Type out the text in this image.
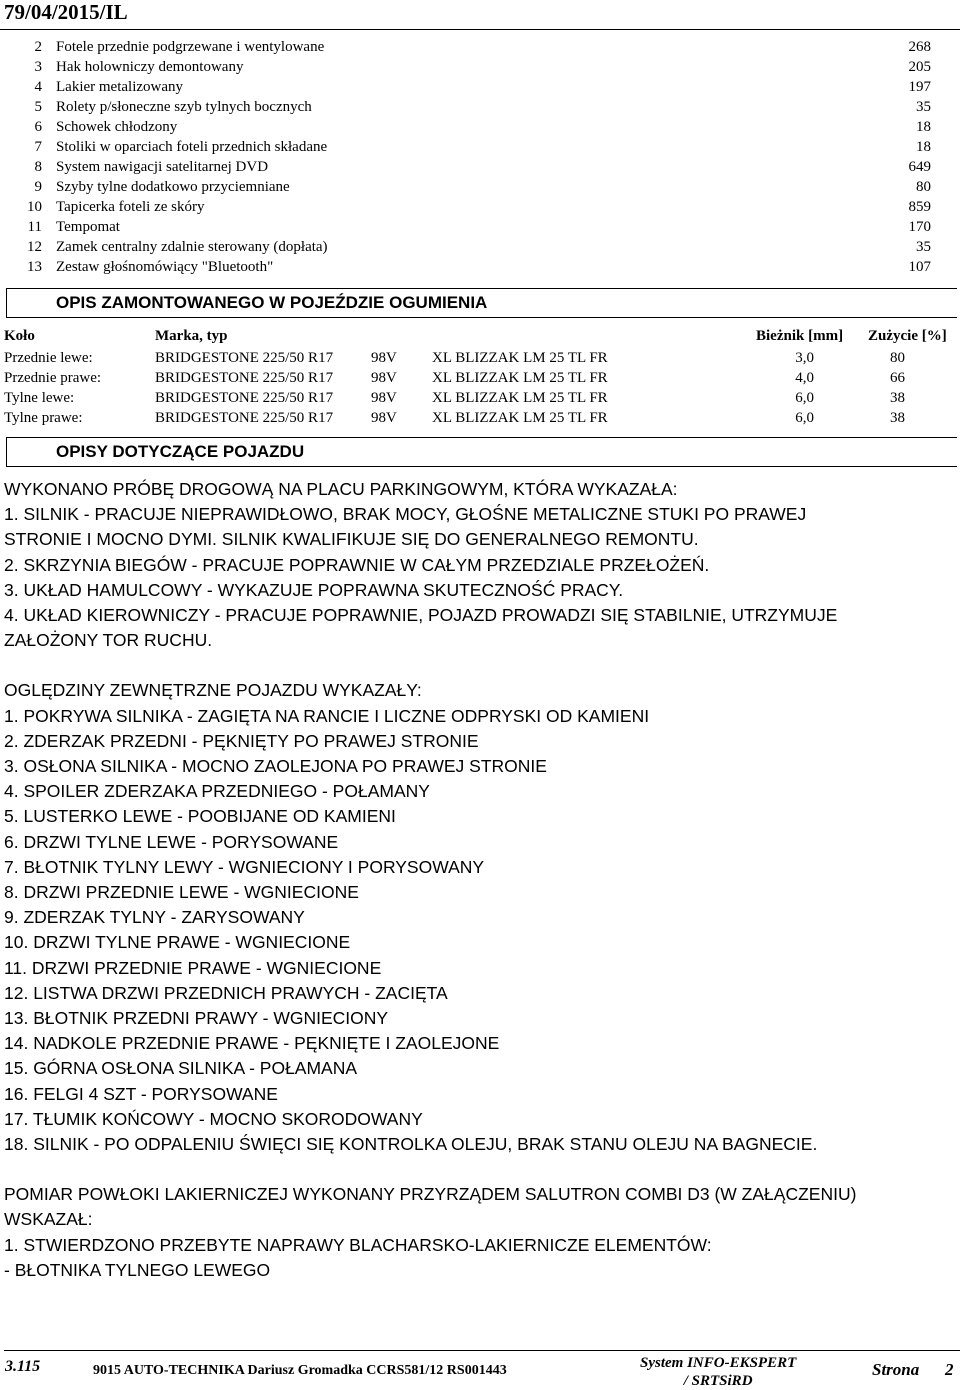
79/04/2015/IL
2 Fotele przednie podgrzewane i wentylowane	268
3 Hak holowniczy demontowany	205
4 Lakier metalizowany	197
5 Rolety p/słoneczne szyb tylnych bocznych	35
6 Schowek chłodzony	18
7 Stoliki w oparciach foteli przednich składane	18
8 System nawigacji satelitarnej DVD	649
9 Szyby tylne dodatkowo przyciemniane	80
10 Tapicerka foteli ze skóry	859
11 Tempomat	170
12 Zamek centralny zdalnie sterowany (dopłata)	35
13 Zestaw głośnomówiący "Bluetooth"	107
OPIS ZAMONTOWANEGO W POJEŹDZIE OGUMIENIA
Koło	Marka, typ	Bieżnik [mm] Zużycie [%]
Przednie lewe:	BRIDGESTONE 225/50 R17	98V XL BLIZZAK LM 25 TL FR	3,0	80
Przednie prawe:	BRIDGESTONE 225/50 R17	98V XL BLIZZAK LM 25 TL FR	4,0	66
Tylne lewe:	BRIDGESTONE 225/50 R17	98V XL BLIZZAK LM 25 TL FR	6,0	38
Tylne prawe:	BRIDGESTONE 225/50 R17	98V XL BLIZZAK LM 25 TL FR	6,0	38
OPISY DOTYCZĄCE POJAZDU

WYKONANO PRÓBĘ DROGOWĄ NA PLACU PARKINGOWYM, KTÓRA WYKAZAŁA:

1. SILNIK - PRACUJE NIEPRAWIDŁOWO, BRAK MOCY, GŁOŚNE METALICZNE STUKI PO PRAWEJ STRONIE I MOCNO DYMI. SILNIK KWALIFIKUJE SIĘ DO GENERALNEGO REMONTU.

2. SKRZYNIA BIEGÓW - PRACUJE POPRAWNIE W CAŁYM PRZEDZIALE PRZEŁOŻEŃ.

3. UKŁAD HAMULCOWY - WYKAZUJE POPRAWNA SKUTECZNOŚĆ PRACY.

4. UKŁAD KIEROWNICZY - PRACUJE POPRAWNIE, POJAZD PROWADZI SIĘ STABILNIE, UTRZYMUJE ZAŁOŻONY TOR RUCHU.

OGLĘDZINY ZEWNĘTRZNE POJAZDU WYKAZAŁY:

1. POKRYWA SILNIKA - ZAGIĘTA NA RANCIE I LICZNE ODPRYSKI OD KAMIENI

2. ZDERZAK PRZEDNI - PĘKNIĘTY PO PRAWEJ STRONIE

3. OSŁONA SILNIKA - MOCNO ZAOLEJONA PO PRAWEJ STRONIE

4. SPOILER ZDERZAKA PRZEDNIEGO - POŁAMANY

5. LUSTERKO LEWE - POOBIJANE OD KAMIENI

6. DRZWI TYLNE LEWE - PORYSOWANE

7. BŁOTNIK TYLNY LEWY - WGNIECIONY I PORYSOWANY

8. DRZWI PRZEDNIE LEWE - WGNIECIONE

9. ZDERZAK TYLNY - ZARYSOWANY

10. DRZWI TYLNE PRAWE - WGNIECIONE

11. DRZWI PRZEDNIE PRAWE - WGNIECIONE

12. LISTWA DRZWI PRZEDNICH PRAWYCH - ZACIĘTA

13. BŁOTNIK PRZEDNI PRAWY - WGNIECIONY

14. NADKOLE PRZEDNIE PRAWE - PĘKNIĘTE I ZAOLEJONE

15. GÓRNA OSŁONA SILNIKA - POŁAMANA

16. FELGI 4 SZT - PORYSOWANE

17. TŁUMIK KOŃCOWY - MOCNO SKORODOWANY

18. SILNIK - PO ODPALENIU ŚWIĘCI SIĘ KONTROLKA OLEJU, BRAK STANU OLEJU NA BAGNECIE.

POMIAR POWŁOKI LAKIERNICZEJ WYKONANY PRZYRZĄDEM SALUTRON COMBI D3 (W ZAŁĄCZENIU) WSKAZAŁ:

1. STWIERDZONO PRZEBYTE NAPRAWY BLACHARSKO-LAKIERNICZE ELEMENTÓW:

- BŁOTNIKA TYLNEGO LEWEGO

3.115	9015 AUTO-TECHNIKA Dariusz Gromadka CCRS581/12 RS001443	System INFO-EKSPERT
/ SRTSiRD
Strona 2
